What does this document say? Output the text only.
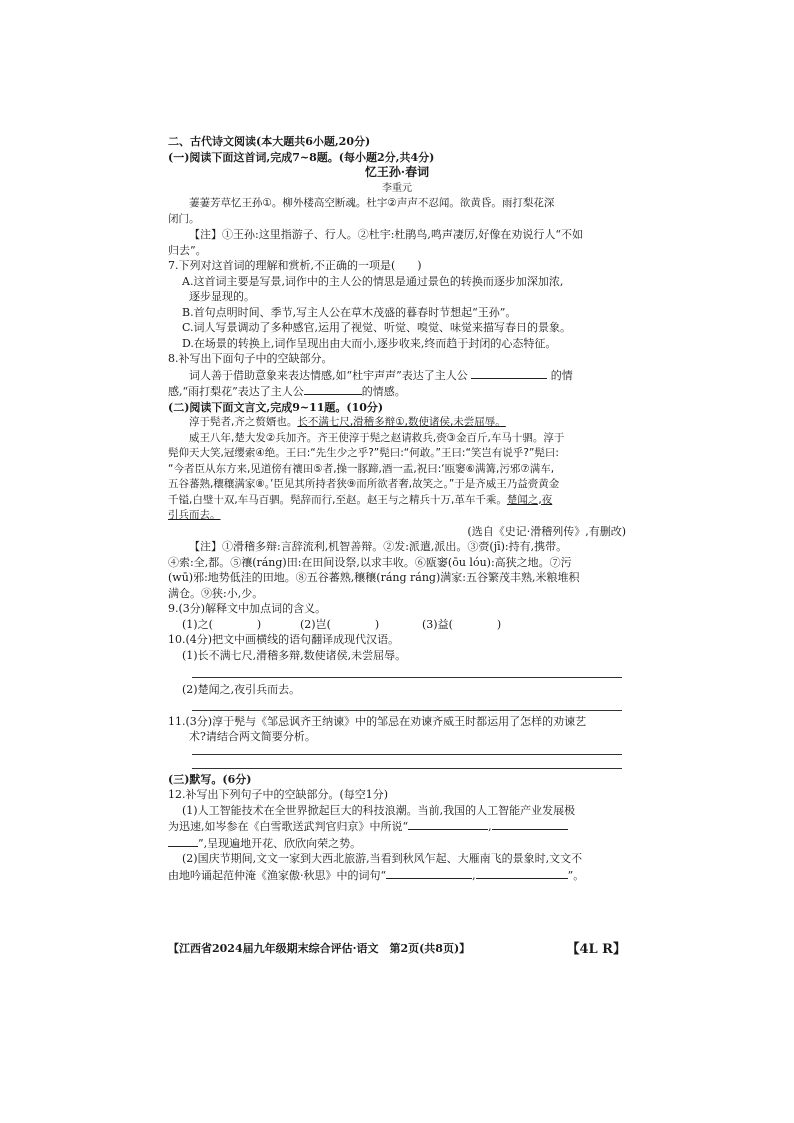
二、古代诗文阅读(本大题共6小题,20分)
(一)阅读下面这首词,完成7~8题。(每小题2分,共4分)
忆王孙·春词
李重元
萋萋芳草忆王孙①。柳外楼高空断魂。杜宇②声声不忍闻。欲黄昏。雨打梨花深
闭门。
【注】①王孙:这里指游子、行人。②杜宇:杜鹃鸟,鸣声凄厉,好像在劝说行人“不如
归去”。
7.下列对这首词的理解和赏析,不正确的一项是(　　)
A.这首词主要是写景,词作中的主人公的情思是通过景色的转换而逐步加深加浓,
逐步显现的。
B.首句点明时间、季节,写主人公在草木茂盛的暮春时节想起“王孙”。
C.词人写景调动了多种感官,运用了视觉、听觉、嗅觉、味觉来描写春日的景象。
D.在场景的转换上,词作呈现出由大而小,逐步收来,终而趋于封闭的心态特征。
8.补写出下面句子中的空缺部分。
词人善于借助意象来表达情感,如“杜宇声声”表达了主人公	的情
感,“雨打梨花”表达了主人公	的情感。
(二)阅读下面文言文,完成9~11题。(10分)
淳于髡者,齐之赘婿也。长不满七尺,滑稽多辩①,数使诸侯,未尝屈辱。
威王八年,楚大发②兵加齐。齐王使淳于髡之赵请救兵,赍③金百斤,车马十驷。淳于
髡仰天大笑,冠缨索④绝。王曰:“先生少之乎?”髡曰:“何敢。”王曰:“笑岂有说乎?”髡曰:
“今者臣从东方来,见道傍有禳田⑤者,操一豚蹄,酒一盂,祝曰:‘瓯窭⑥满篝,污邪⑦满车,
五谷蕃熟,穰穰满家⑧。’臣见其所持者狭⑨而所欲者奢,故笑之。”于是齐威王乃益赍黄金
千镒,白璧十双,车马百驷。髡辞而行,至赵。赵王与之精兵十万,革车千乘。楚闻之,夜
引兵而去。
(选自《史记·滑稽列传》,有删改)
【注】①滑稽多辩:言辞流利,机智善辩。②发:派遣,派出。③赍(jī):持有,携带。
④索:全,都。⑤禳(ráng)田:在田间设祭,以求丰收。⑥瓯窭(ōu lóu):高狭之地。⑦污
(wū)邪:地势低洼的田地。⑧五谷蕃熟,穰穰(ráng ráng)满家:五谷繁茂丰熟,米粮堆积
满仓。⑨狭:小,少。
9.(3分)解释文中加点词的含义。
(1)之(　　　　)	(2)岂(　　　　)	(3)益(　　　　)
10.(4分)把文中画横线的语句翻译成现代汉语。
(1)长不满七尺,滑稽多辩,数使诸侯,未尝屈辱。
(2)楚闻之,夜引兵而去。
11.(3分)淳于髡与《邹忌讽齐王纳谏》中的邹忌在劝谏齐威王时都运用了怎样的劝谏艺
术?请结合两文简要分析。
(三)默写。(6分)
12.补写出下列句子中的空缺部分。(每空1分)
(1)人工智能技术在全世界掀起巨大的科技浪潮。当前,我国的人工智能产业发展极
为迅速,如岑参在《白雪歌送武判官归京》中所说“	,
”,呈现遍地开花、欣欣向荣之势。
(2)国庆节期间,文文一家到大西北旅游,当看到秋风乍起、大雁南飞的景象时,文文不
由地吟诵起范仲淹《渔家傲·秋思》中的词句“	,	”。
【江西省2024届九年级期末综合评估·语文　第2页(共8页)】	【4L R】
